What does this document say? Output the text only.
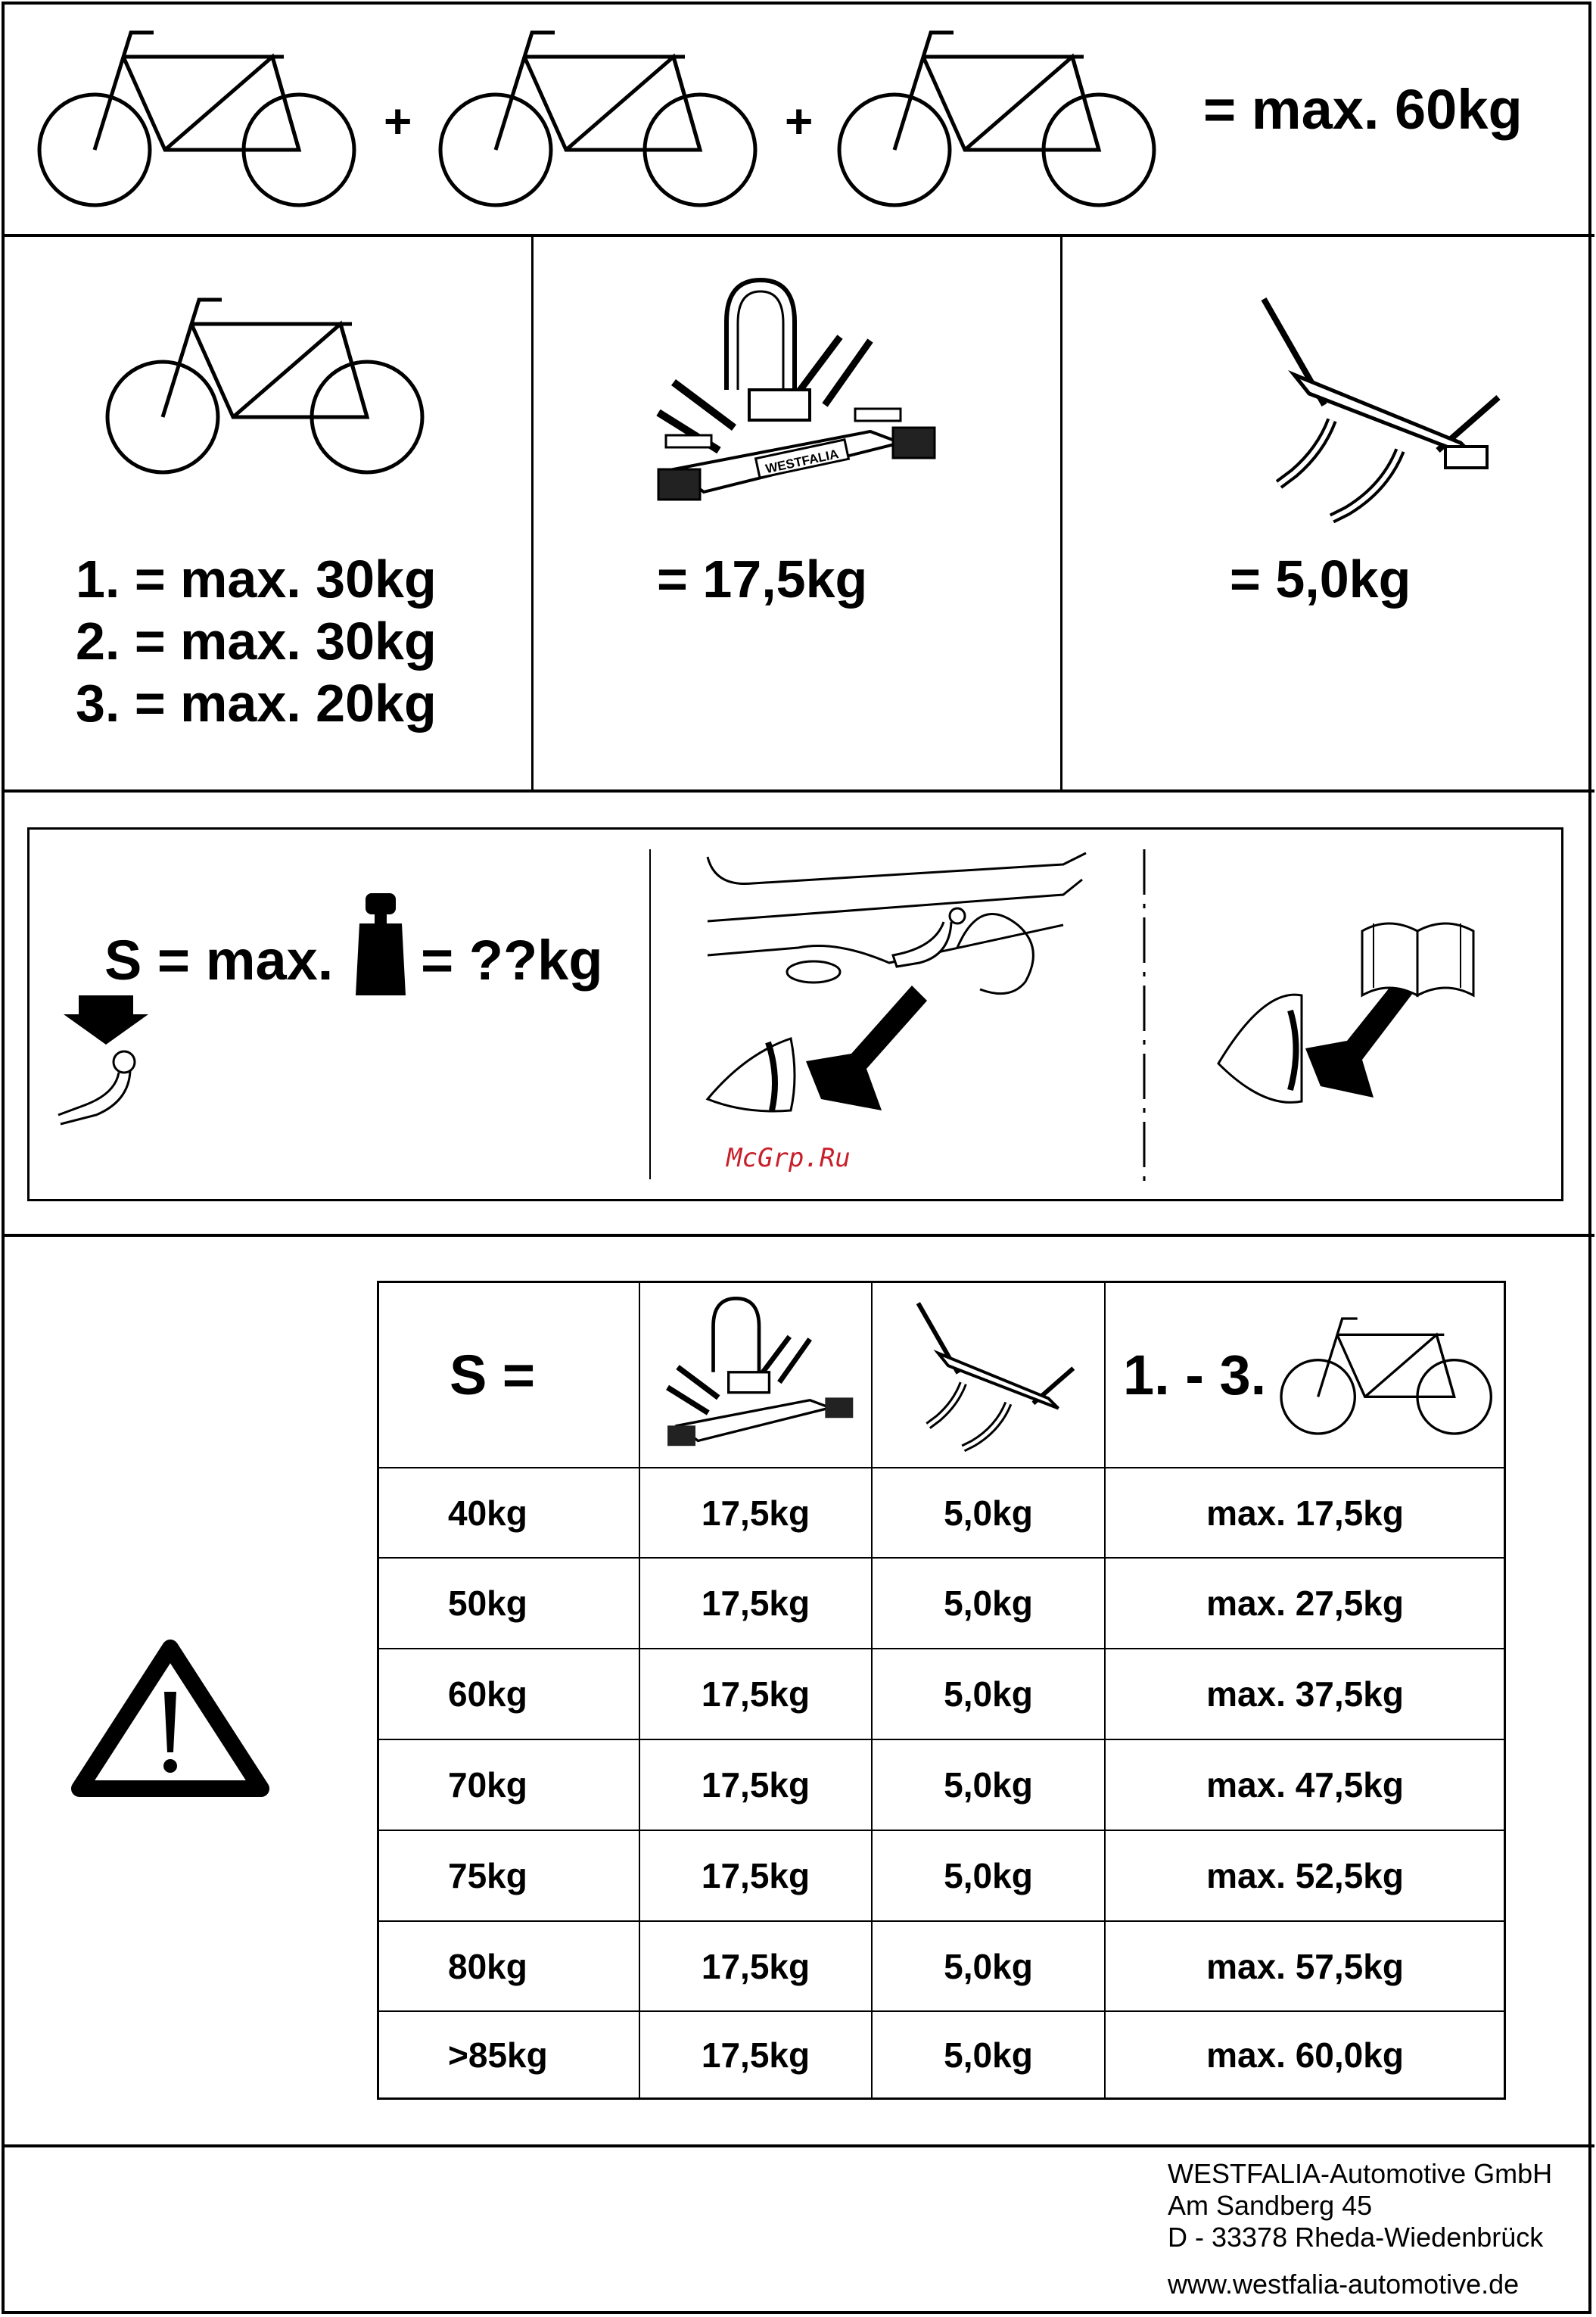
+	+	= max. 60kg
1. = max. 30kg
2. = max. 30kg
3. = max. 20kg
WESTFALIA
= 17,5kg	= 5,0kg
S = max. = ??kg
McGrp.Ru
S =	1. - 3.
40kg	17,5kg	5,0kg	max. 17,5kg
50kg	17,5kg	5,0kg	max. 27,5kg
60kg	17,5kg	5,0kg	max. 37,5kg
70kg	17,5kg	5,0kg	max. 47,5kg
75kg	17,5kg	5,0kg	max. 52,5kg
80kg	17,5kg	5,0kg	max. 57,5kg
>85kg	17,5kg	5,0kg	max. 60,0kg
WESTFALIA-Automotive GmbH
Am Sandberg 45
D - 33378 Rheda-Wiedenbrück
www.westfalia-automotive.de
